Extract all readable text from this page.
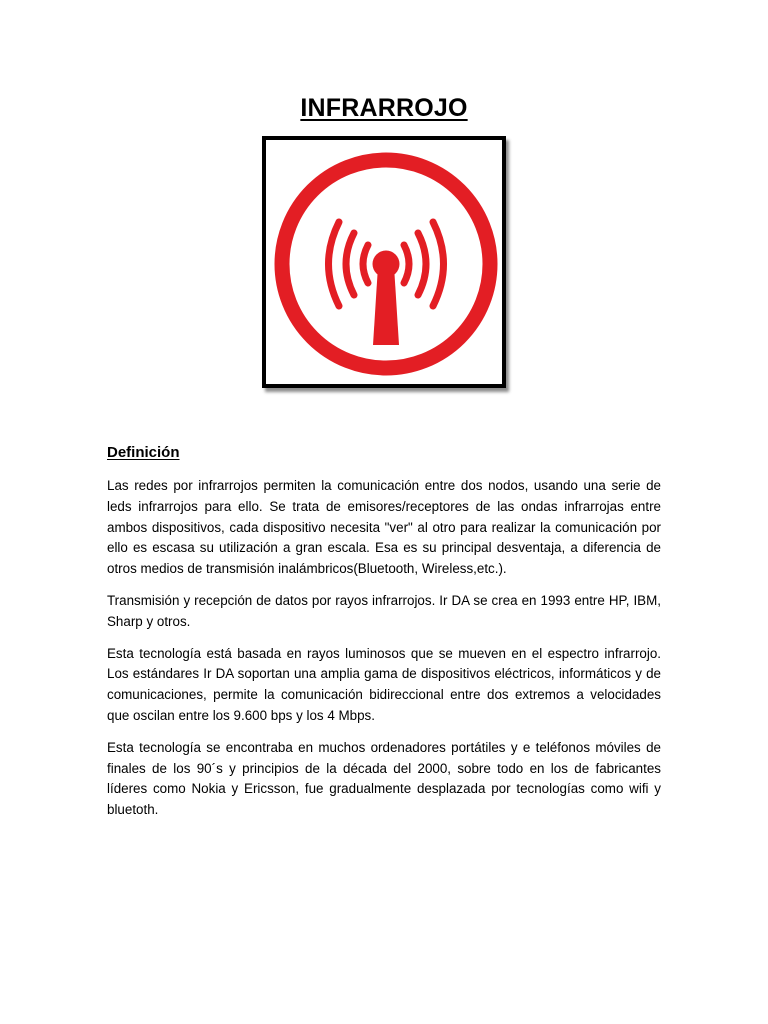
INFRARROJO
Definición

Las redes por infrarrojos permiten la comunicación entre dos nodos, usando una serie de leds infrarrojos para ello. Se trata de emisores/receptores de las ondas infrarrojas entre ambos dispositivos, cada dispositivo necesita "ver" al otro para realizar la comunicación por ello es escasa su utilización a gran escala. Esa es su principal desventaja, a diferencia de otros medios de transmisión inalámbricos(Bluetooth, Wireless,etc.).

Transmisión y recepción de datos por rayos infrarrojos. Ir DA se crea en 1993 entre HP, IBM, Sharp y otros.

Esta tecnología está basada en rayos luminosos que se mueven en el espectro infrarrojo. Los estándares Ir DA soportan una amplia gama de dispositivos eléctricos, informáticos y de comunicaciones, permite la comunicación bidireccional entre dos extremos a velocidades que oscilan entre los 9.600 bps y los 4 Mbps.

Esta tecnología se encontraba en muchos ordenadores portátiles y e teléfonos móviles de finales de los 90´s y principios de la década del 2000, sobre todo en los de fabricantes líderes como Nokia y Ericsson, fue gradualmente desplazada por tecnologías como wifi y bluetoth.
